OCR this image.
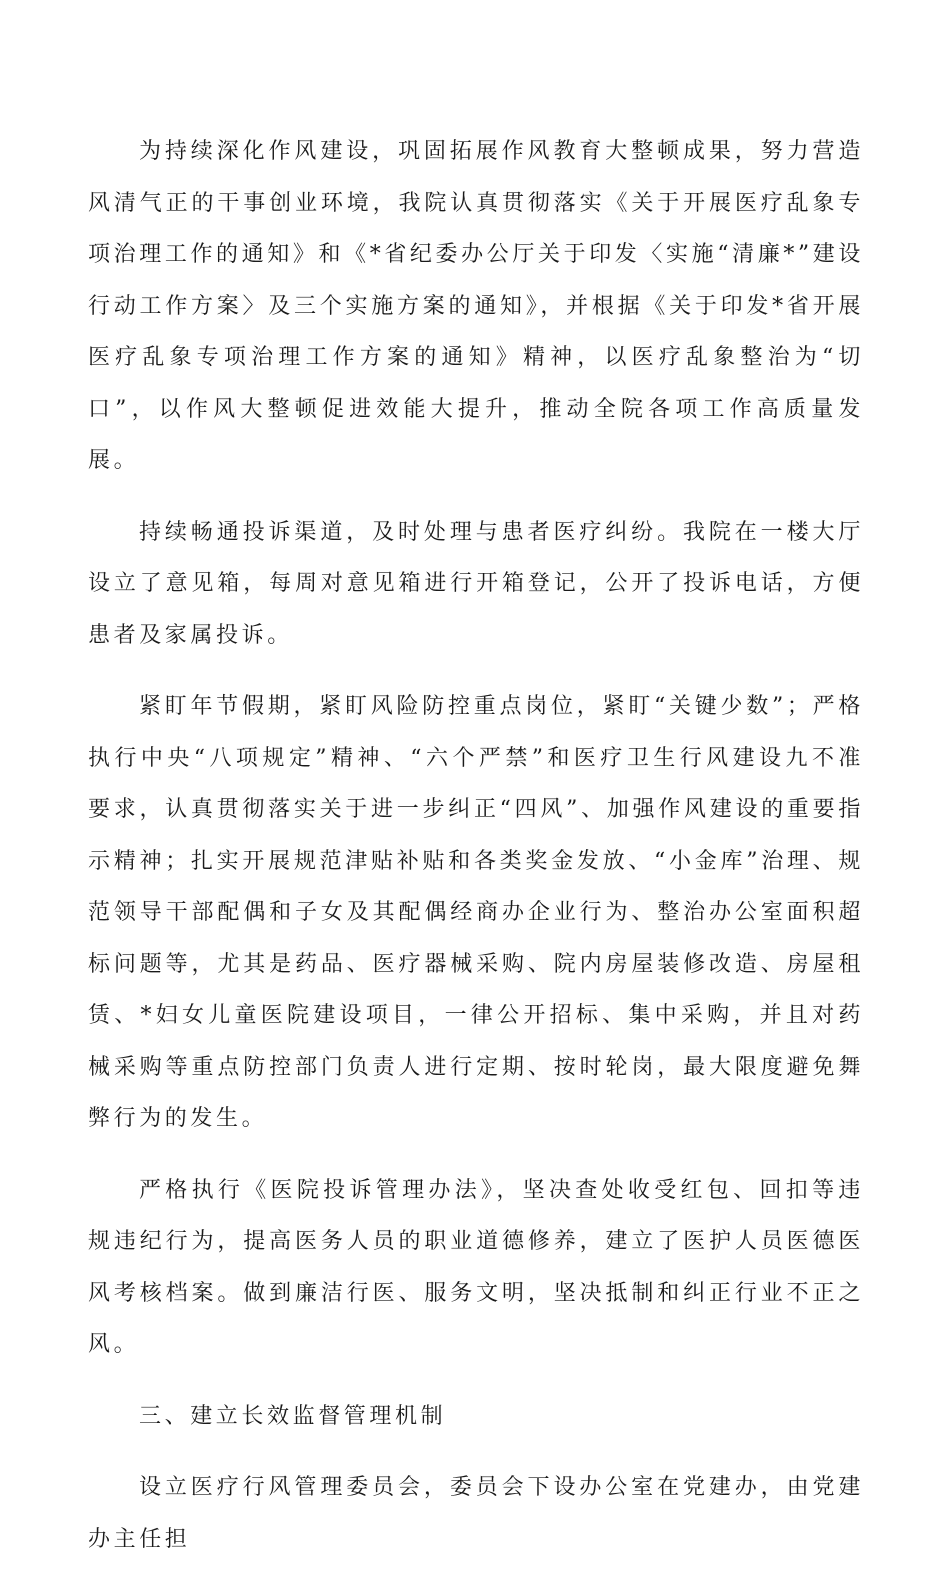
为持续深化作风建设，巩固拓展作风教育大整顿成果，努力营造风清气正的干事创业环境，我院认真贯彻落实《关于开展医疗乱象专项治理工作的通知》和《*省纪委办公厅关于印发〈实施“清廉*”建设行动工作方案〉及三个实施方案的通知》，并根据《关于印发*省开展医疗乱象专项治理工作方案的通知》精神，以医疗乱象整治为“切口”，以作风大整顿促进效能大提升，推动全院各项工作高质量发展。

持续畅通投诉渠道，及时处理与患者医疗纠纷。我院在一楼大厅设立了意见箱，每周对意见箱进行开箱登记，公开了投诉电话，方便患者及家属投诉。

紧盯年节假期，紧盯风险防控重点岗位，紧盯“关键少数”；严格执行中央“八项规定”精神、“六个严禁”和医疗卫生行风建设九不准要求，认真贯彻落实关于进一步纠正“四风”、加强作风建设的重要指示精神；扎实开展规范津贴补贴和各类奖金发放、“小金库”治理、规范领导干部配偶和子女及其配偶经商办企业行为、整治办公室面积超标问题等，尤其是药品、医疗器械采购、院内房屋装修改造、房屋租赁、*妇女儿童医院建设项目，一律公开招标、集中采购，并且对药械采购等重点防控部门负责人进行定期、按时轮岗，最大限度避免舞弊行为的发生。

严格执行《医院投诉管理办法》，坚决查处收受红包、回扣等违规违纪行为，提高医务人员的职业道德修养，建立了医护人员医德医风考核档案。做到廉洁行医、服务文明，坚决抵制和纠正行业不正之风。

三、建立长效监督管理机制

设立医疗行风管理委员会，委员会下设办公室在党建办，由党建办主任担
